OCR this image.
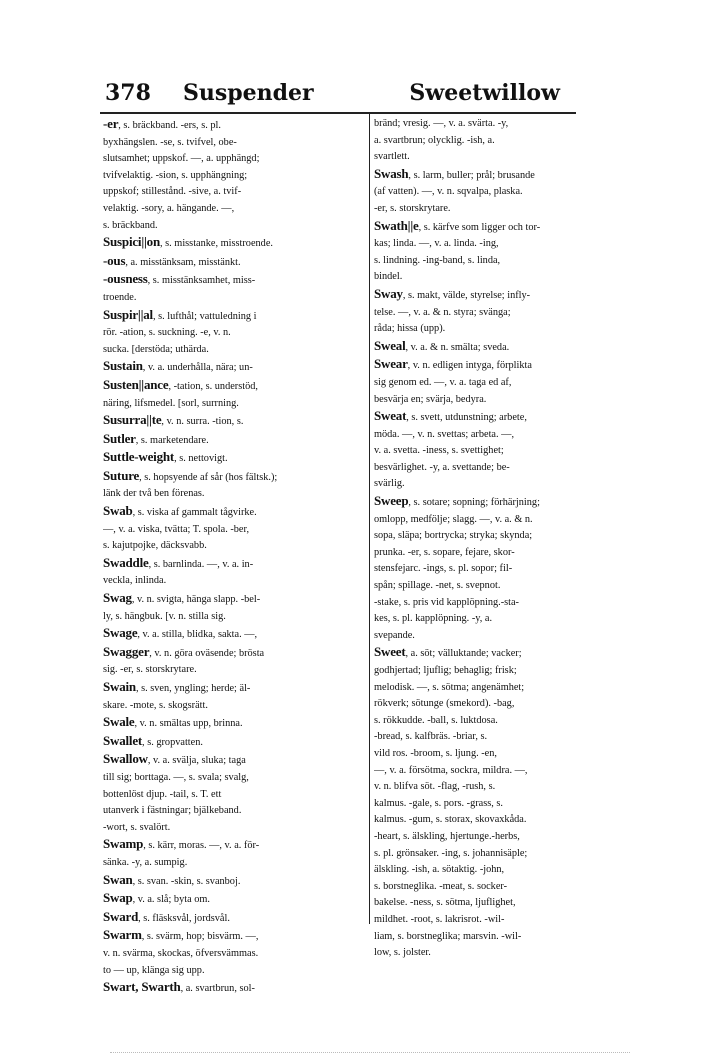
378 Suspender	Sweetwillow
-er, s. bräckband. -ers, s. pl.
byxhängslen. -se, s. tvifvel, obe-
slutsamhet; uppskof. —, a. upphängd;
tvifvelaktig. -sion, s. upphängning;
uppskof; stillestånd. -sive, a. tvif-
velaktig. -sory, a. hängande. —,
s. bräckband.
Suspici||on, s. misstanke, misstroende.
-ous, a. misstänksam, misstänkt.
-ousness, s. misstänksamhet, miss-
troende.
Suspir||al, s. lufthål; vattuledning i
rör. -ation, s. suckning. -e, v. n.
sucka. [derstöda; uthärda.
Sustain, v. a. underhålla, nära; un-
Susten||ance, -tation, s. understöd,
näring, lifsmedel. [sorl, surrning.
Susurra||te, v. n. surra. -tion, s.
Sutler, s. marketendare.
Suttle-weight, s. nettovigt.
Suture, s. hopsyende af sår (hos fältsk.);
länk der två ben förenas.
Swab, s. viska af gammalt tågvirke.
—, v. a. viska, tvätta; T. spola. -ber,
s. kajutpojke, däcksvabb.
Swaddle, s. barnlinda. —, v. a. in-
veckla, inlinda.
Swag, v. n. svigta, hänga slapp. -bel-
ly, s. hängbuk. [v. n. stilla sig.
Swage, v. a. stilla, blidka, sakta. —,
Swagger, v. n. göra oväsende; brösta
sig. -er, s. storskrytare.
Swain, s. sven, yngling; herde; äl-
skare. -mote, s. skogsrätt.
Swale, v. n. smältas upp, brinna.
Swallet, s. gropvatten.
Swallow, v. a. svälja, sluka; taga
till sig; borttaga. —, s. svala; svalg,
bottenlöst djup. -tail, s. T. ett
utanverk i fästningar; bjälkeband.
-wort, s. svalört.
Swamp, s. kärr, moras. —, v. a. för-
sänka. -y, a. sumpig.
Swan, s. svan. -skin, s. svanboj.
Swap, v. a. slå; byta om.
Sward, s. fläsksvål, jordsvål.
Swarm, s. svärm, hop; bisvärm. —,
v. n. svärma, skockas, öfversvämmas.
to — up, klänga sig upp.
Swart, Swarth, a. svartbrun, sol-
bränd; vresig. —, v. a. svärta. -y,
a. svartbrun; olycklig. -ish, a.
svartlett.
Swash, s. larm, buller; prål; brusande
(af vatten). —, v. n. sqvalpa, plaska.
-er, s. storskrytare.
Swath||e, s. kärfve som ligger och tor-
kas; linda. —, v. a. linda. -ing,
s. lindning. -ing-band, s. linda,
bindel.
Sway, s. makt, välde, styrelse; infly-
telse. —, v. a. & n. styra; svänga;
råda; hissa (upp).
Sweal, v. a. & n. smälta; sveda.
Swear, v. n. edligen intyga, förplikta
sig genom ed. —, v. a. taga ed af,
besvärja en; svärja, bedyra.
Sweat, s. svett, utdunstning; arbete,
möda. —, v. n. svettas; arbeta. —,
v. a. svetta. -iness, s. svettighet;
besvärlighet. -y, a. svettande; be-
svärlig.
Sweep, s. sotare; sopning; förhärjning;
omlopp, medfölje; slagg. —, v. a. & n.
sopa, släpa; bortrycka; stryka; skynda;
prunka. -er, s. sopare, fejare, skor-
stensfejarc. -ings, s. pl. sopor; fil-
spån; spillage. -net, s. svepnot.
-stake, s. pris vid kapplöpning.-sta-
kes, s. pl. kapplöpning. -y, a.
svepande.
Sweet, a. söt; välluktande; vacker;
godhjertad; ljuflig; behaglig; frisk;
melodisk. —, s. sötma; angenämhet;
rökverk; sötunge (smekord). -bag,
s. rökkudde. -ball, s. luktdosa.
-bread, s. kalfbräs. -briar, s.
vild ros. -broom, s. ljung. -en,
—, v. a. försötma, sockra, mildra. —,
v. n. blifva söt. -flag, -rush, s.
kalmus. -gale, s. pors. -grass, s.
kalmus. -gum, s. storax, skovaxkåda.
-heart, s. älskling, hjertunge.-herbs,
s. pl. grönsaker. -ing, s. johannisäple;
älskling. -ish, a. sötaktig. -john,
s. borstneglika. -meat, s. socker-
bakelse. -ness, s. sötma, ljuflighet,
mildhet. -root, s. lakrisrot. -wil-
liam, s. borstneglika; marsvin. -wil-
low, s. jolster.
